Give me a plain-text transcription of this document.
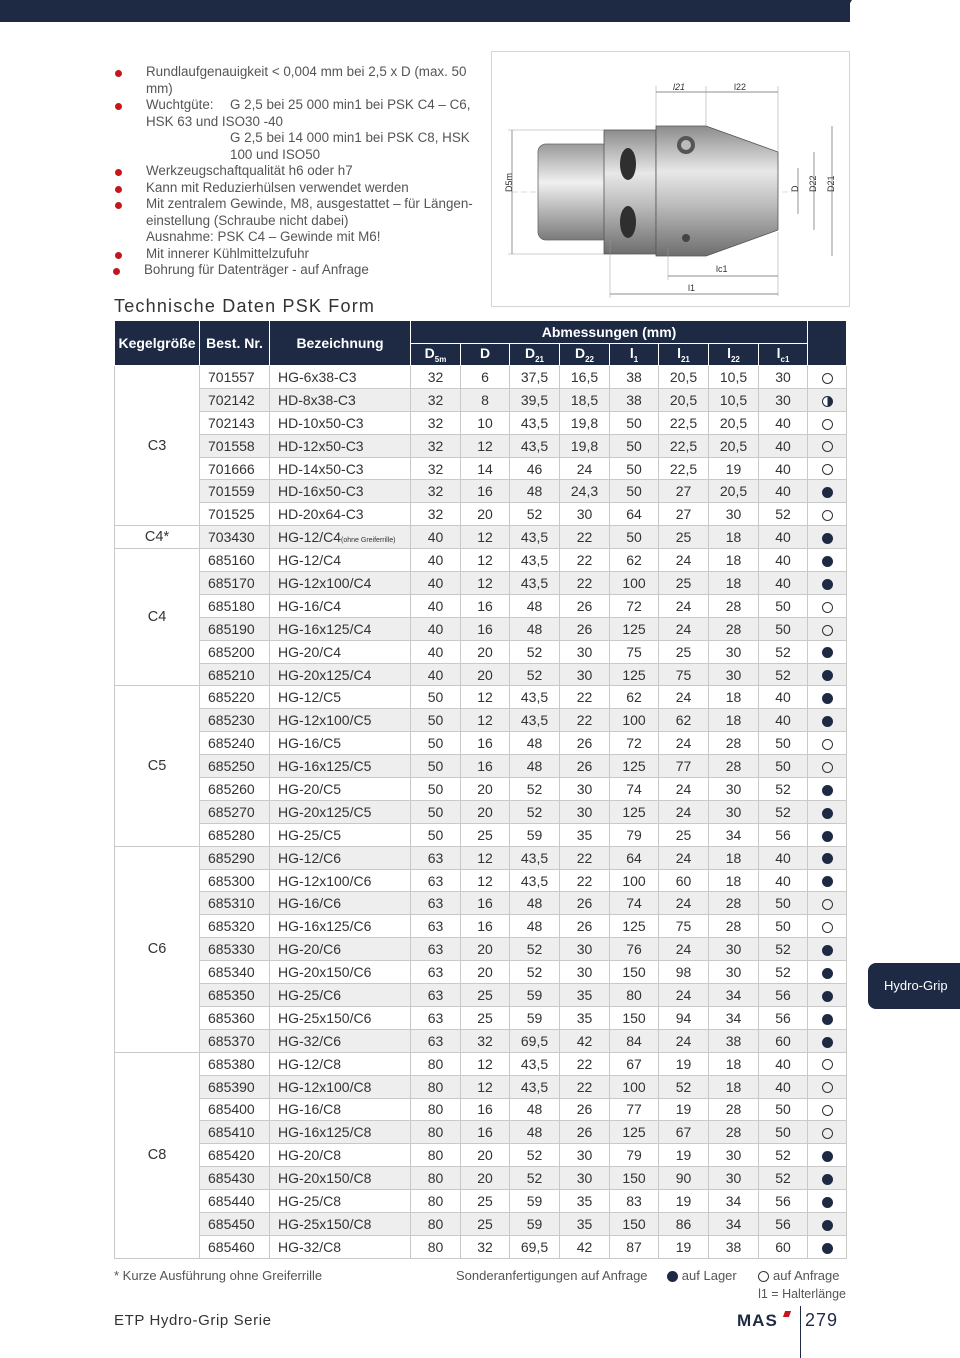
Rundlaufgenauigkeit < 0,004 mm bei 2,5 x D (max. 50 mm)
Wuchtgüte: G 2,5 bei 25 000 min1 bei PSK C4 – C6, HSK 63 und ISO30 -40
G 2,5 bei 14 000 min1 bei PSK C8, HSK 100 und ISO50
Werkzeugschaftqualität h6 oder h7
Kann mit Reduzierhülsen verwendet werden
Mit zentralem Gewinde, M8, ausgestattet – für Längen-
einstellung (Schraube nicht dabei)
Ausnahme: PSK C4 – Gewinde mit M6!
Mit innerer Kühlmittelzufuhr
Bohrung für Datenträger - auf Anfrage
D5m	D D22 D21
l21	l22
lc1
l1
Technische Daten PSK Form
Kegelgröße	Best. Nr.	Bezeichnung	Abmessungen (mm)								
			$D_{5m}$	D	$D_{21}$	$D_{22}$	$l_1$	$l_{21}$	$l_{22}$	$l_{c1}$
C3	701557	HG-6x38-C3	32	6	37,5	16,5	38	20,5	10,5	30	
	702142	HD-8x38-C3	32	8	39,5	18,5	38	20,5	10,5	30	
	702143	HD-10x50-C3	32	10	43,5	19,8	50	22,5	20,5	40	
	701558	HD-12x50-C3	32	12	43,5	19,8	50	22,5	20,5	40	
	701666	HD-14x50-C3	32	14	46	24	50	22,5	19	40	
	701559	HD-16x50-C3	32	16	48	24,3	50	27	20,5	40	
	701525	HD-20x64-C3	32	20	52	30	64	27	30	52	
C4*	703430	HG-12/C4(ohne Greiferrille)	40	12	43,5	22	50	25	18	40	
C4	685160	HG-12/C4	40	12	43,5	22	62	24	18	40	
	685170	HG-12x100/C4	40	12	43,5	22	100	25	18	40	
	685180	HG-16/C4	40	16	48	26	72	24	28	50	
	685190	HG-16x125/C4	40	16	48	26	125	24	28	50	
	685200	HG-20/C4	40	20	52	30	75	25	30	52	
	685210	HG-20x125/C4	40	20	52	30	125	75	30	52	
C5	685220	HG-12/C5	50	12	43,5	22	62	24	18	40	
	685230	HG-12x100/C5	50	12	43,5	22	100	62	18	40	
	685240	HG-16/C5	50	16	48	26	72	24	28	50	
	685250	HG-16x125/C5	50	16	48	26	125	77	28	50	
	685260	HG-20/C5	50	20	52	30	74	24	30	52	
	685270	HG-20x125/C5	50	20	52	30	125	24	30	52	
	685280	HG-25/C5	50	25	59	35	79	25	34	56	
C6	685290	HG-12/C6	63	12	43,5	22	64	24	18	40	
	685300	HG-12x100/C6	63	12	43,5	22	100	60	18	40	
	685310	HG-16/C6	63	16	48	26	74	24	28	50	
	685320	HG-16x125/C6	63	16	48	26	125	75	28	50	
	685330	HG-20/C6	63	20	52	30	76	24	30	52	
	685340	HG-20x150/C6	63	20	52	30	150	98	30	52	
	685350	HG-25/C6	63	25	59	35	80	24	34	56	
	685360	HG-25x150/C6	63	25	59	35	150	94	34	56	
	685370	HG-32/C6	63	32	69,5	42	84	24	38	60	
C8	685380	HG-12/C8	80	12	43,5	22	67	19	18	40	
	685390	HG-12x100/C8	80	12	43,5	22	100	52	18	40	
	685400	HG-16/C8	80	16	48	26	77	19	28	50	
	685410	HG-16x125/C8	80	16	48	26	125	67	28	50	
	685420	HG-20/C8	80	20	52	30	79	19	30	52	
	685430	HG-20x150/C8	80	20	52	30	150	90	30	52	
	685440	HG-25/C8	80	25	59	35	83	19	34	56	
	685450	HG-25x150/C8	80	25	59	35	150	86	34	56	
	685460	HG-32/C8	80	32	69,5	42	87	19	38	60	
* Kurze Ausführung ohne Greiferrille	Sonderanfertigungen auf Anfrage	auf Lager	auf Anfrage
l1 = Halterlänge
ETP Hydro-Grip Serie	MAS 279
Hydro-Grip
